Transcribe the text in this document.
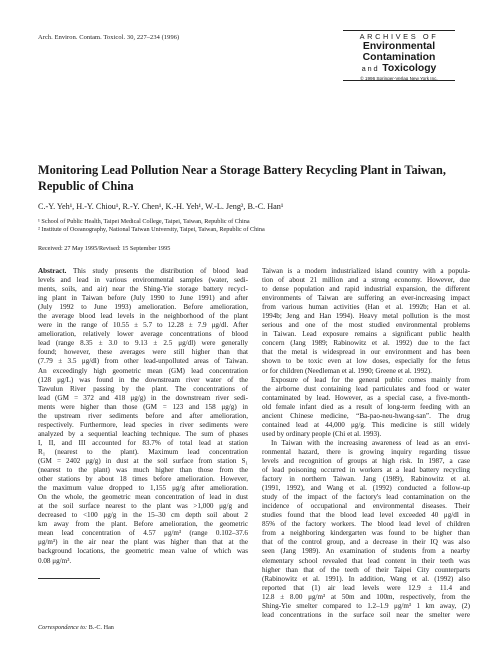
Arch. Environ. Contam. Toxicol. 30, 227–234 (1996)	ARCHIVES OF
Environmental
Contamination
and Toxicology
© 1996 Springer-Verlag New York Inc.
Monitoring Lead Pollution Near a Storage Battery Recycling Plant in Taiwan, Republic of China
C.-Y. Yeh¹, H.-Y. Chiou¹, R.-Y. Chen¹, K.-H. Yeh¹, W.-L. Jeng², B.-C. Han¹
¹ School of Public Health, Taipei Medical College, Taipei, Taiwan, Republic of China
² Institute of Oceanography, National Taiwan University, Taipei, Taiwan, Republic of China
Received: 27 May 1995/Revised: 15 September 1995
Abstract. This study presents the distribution of blood lead
levels and lead in various environmental samples (water, sedi-
ments, soils, and air) near the Shing-Yie storage battery recycl-
ing plant in Taiwan before (July 1990 to June 1991) and after
(July 1992 to June 1993) amelioration. Before amelioration,
the average blood lead levels in the neighborhood of the plant
were in the range of 10.55 ± 5.7 to 12.28 ± 7.9 μg/dl. After
amelioration, relatively lower average concentrations of blood
lead (range 8.35 ± 3.0 to 9.13 ± 2.5 μg/dl) were generally
found; however, these averages were still higher than that
(7.79 ± 3.5 μg/dl) from other lead-unpolluted areas of Taiwan.
An exceedingly high geometric mean (GM) lead concentration
(128 μg/L) was found in the downstream river water of the
Tawulun River passing by the plant. The concentrations of
lead (GM = 372 and 418 μg/g) in the downstream river sedi-
ments were higher than those (GM = 123 and 158 μg/g) in
the upstream river sediments before and after amelioration,
respectively. Furthermore, lead species in river sediments were
analyzed by a sequential leaching technique. The sum of phases
I, II, and III accounted for 83.7% of total lead at station
R₁ (nearest to the plant). Maximum lead concentration
(GM = 2402 μg/g) in dust at the soil surface from station S₁
(nearest to the plant) was much higher than those from the
other stations by about 18 times before amelioration. However,
the maximum value dropped to 1,155 μg/g after amelioration.
On the whole, the geometric mean concentration of lead in dust
at the soil surface nearest to the plant was >1,000 μg/g and
decreased to <100 μg/g in the 15–30 cm depth soil about 2
km away from the plant. Before amelioration, the geometric
mean lead concentration of 4.57 μg/m³ (range 0.102–37.6
μg/m³) in the air near the plant was higher than that at the
background locations, the geometric mean value of which was
0.08 μg/m³.
Taiwan is a modern industrialized island country with a popula-
tion of about 21 million and a strong economy. However, due
to dense population and rapid industrial expansion, the different
environments of Taiwan are suffering an ever-increasing impact
from various human activities (Han et al. 1992b; Han et al.
1994b; Jeng and Han 1994). Heavy metal pollution is the most
serious and one of the most studied environmental problems
in Taiwan. Lead exposure remains a significant public health
concern (Jang 1989; Rabinowitz et al. 1992) due to the fact
that the metal is widespread in our environment and has been
shown to be toxic even at low doses, especially for the fetus
or for children (Needleman et al. 1990; Greene et al. 1992).
Exposure of lead for the general public comes mainly from
the airborne dust containing lead particulates and food or water
contaminated by lead. However, as a special case, a five-month-
old female infant died as a result of long-term feeding with an
ancient Chinese medicine, “Ba-pao-neu-hwang-san”. The drug
contained lead at 44,000 μg/g. This medicine is still widely
used by ordinary people (Chi et al. 1993).
In Taiwan with the increasing awareness of lead as an envi-
ronmental hazard, there is growing inquiry regarding tissue
levels and recognition of groups at high risk. In 1987, a case
of lead poisoning occurred in workers at a lead battery recycling
factory in northern Taiwan. Jang (1989), Rabinowitz et al.
(1991, 1992), and Wang et al. (1992) conducted a follow-up
study of the impact of the factory's lead contamination on the
incidence of occupational and environmental diseases. Their
studies found that the blood lead level exceeded 40 μg/dl in
85% of the factory workers. The blood lead level of children
from a neighboring kindergarten was found to be higher than
that of the control group, and a decrease in their IQ was also
seen (Jang 1989). An examination of students from a nearby
elementary school revealed that lead content in their teeth was
higher than that of the teeth of their Taipei City counterparts
(Rabinowitz et al. 1991). In addition, Wang et al. (1992) also
reported that (1) air lead levels were 12.9 ± 11.4 and
12.8 ± 8.00 μg/m³ at 50m and 100m, respectively, from the
Shing-Yie smelter compared to 1.2–1.9 μg/m³ 1 km away, (2)
lead concentrations in the surface soil near the smelter were
Correspondence to: B.-C. Han
